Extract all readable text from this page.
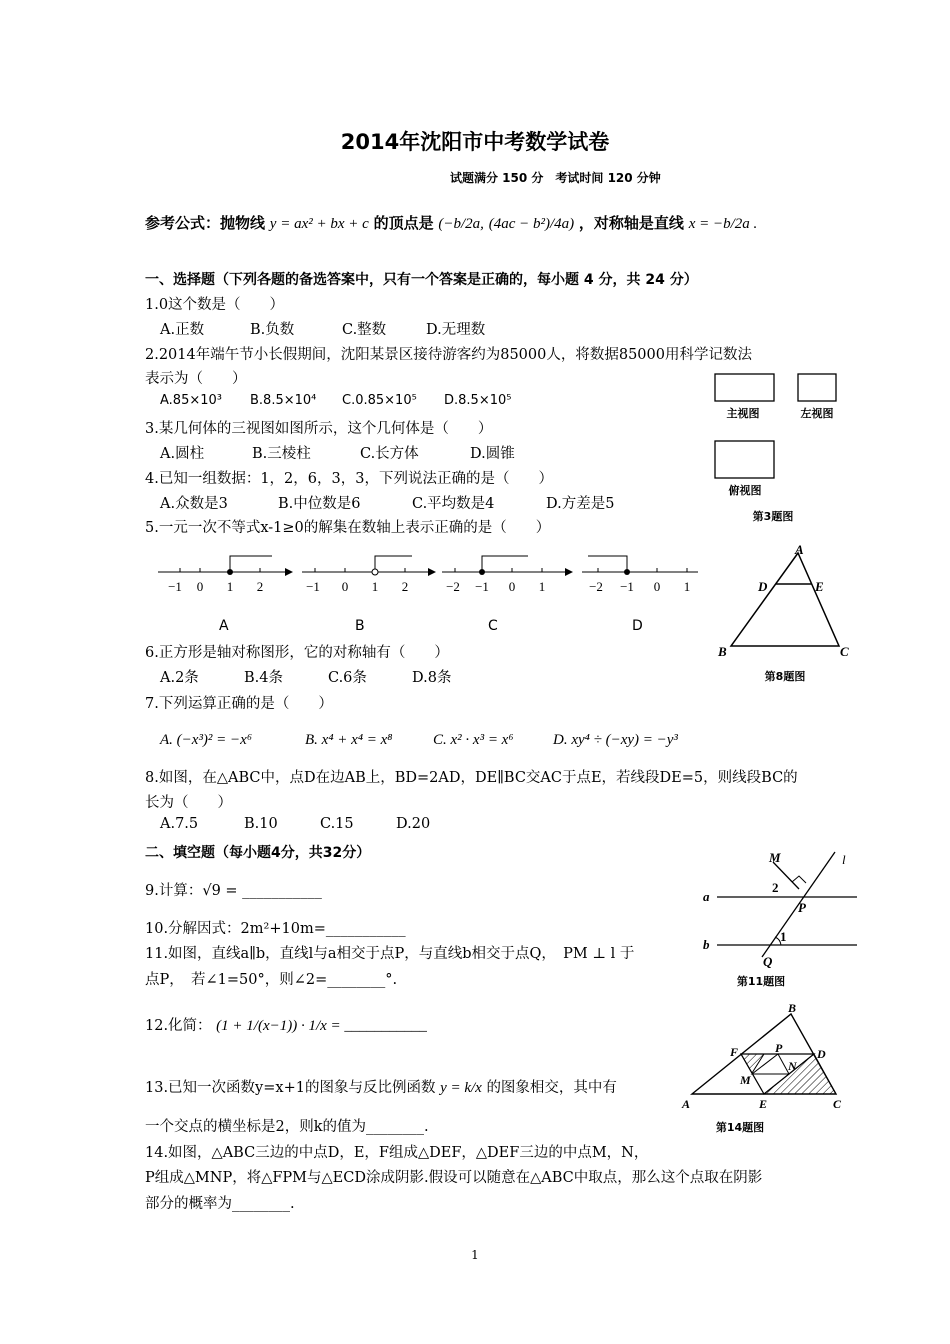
2014年沈阳市中考数学试卷
试题满分 150 分　考试时间 120 分钟
参考公式：抛物线 y = ax² + bx + c 的顶点是 (−b/2a, (4ac − b²)/4a) ，对称轴是直线 x = −b/2a .
一、选择题（下列各题的备选答案中，只有一个答案是正确的，每小题 4 分，共 24 分）
1.0这个数是（　　）
A.正数	B.负数	C.整数	D.无理数
2.2014年端午节小长假期间，沈阳某景区接待游客约为85000人，将数据85000用科学记数法
表示为（　　）
A.85×10³ B.8.5×10⁴ C.0.85×10⁵ D.8.5×10⁵
3.某几何体的三视图如图所示，这个几何体是（　　）
A.圆柱	B.三棱柱	C.长方体	D.圆锥
4.已知一组数据：1，2，6，3，3，下列说法正确的是（　　）
A.众数是3	B.中位数是6	C.平均数是4	D.方差是5
5.一元一次不等式x-1≥0的解集在数轴上表示正确的是（　　）
−1 0 1 2	−1 0 1 2	−2 −1 0 1	−2 −1 0 1
A	B	C	D
6.正方形是轴对称图形，它的对称轴有（　　）
A.2条	B.4条	C.6条	D.8条
7.下列运算正确的是（　　）
A. (−x³)² = −x⁶	B. x⁴ + x⁴ = x⁸	C. x² · x³ = x⁶	D. xy⁴ ÷ (−xy) = −y³
8.如图，在△ABC中，点D在边AB上，BD=2AD，DE∥BC交AC于点E，若线段DE=5，则线段BC的
长为（　　）
A.7.5	B.10	C.15	D.20
二、填空题（每小题4分，共32分）
9.计算：√9 = ___________
10.分解因式：2m²+10m=___________
11.如图，直线a∥b，直线l与a相交于点P，与直线b相交于点Q，　PM ⊥ l 于
点P，　若∠1=50°，则∠2=________°.
12.化简： (1 + 1/(x−1)) · 1/x = ___________
13.已知一次函数y=x+1的图象与反比例函数 y = k/x 的图象相交，其中有
一个交点的横坐标是2，则k的值为________.
14.如图，△ABC三边的中点D，E，F组成△DEF，△DEF三边的中点M，N，
P组成△MNP，将△FPM与△ECD涂成阴影.假设可以随意在△ABC中取点，那么这个点取在阴影
部分的概率为________.
主视图	左视图
俯视图
第3题图
A
B	C
D	E
第8题图
M	l
2
a
P
b
1
Q
第11题图
B
F	P	D
N
M
A	E	C
第14题图
1
